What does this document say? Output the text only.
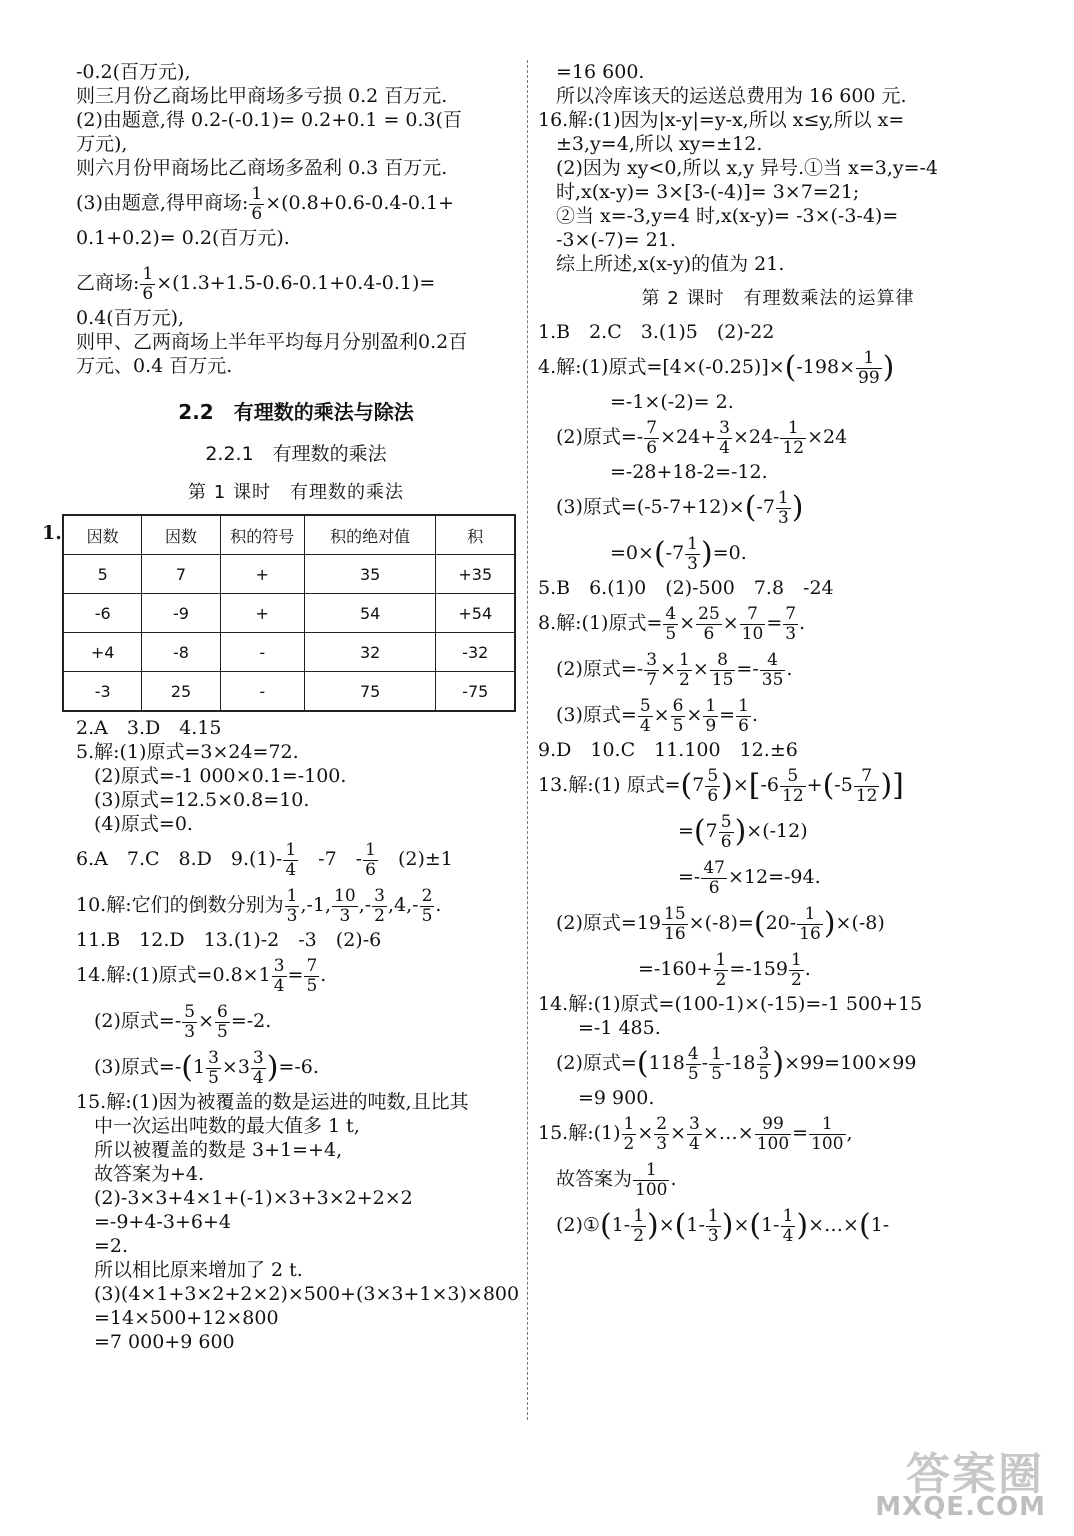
-0.2(百万元),
则三月份乙商场比甲商场多亏损 0.2 百万元.
(2)由题意,得 0.2-(-0.1)= 0.2+0.1 = 0.3(百
万元),
则六月份甲商场比乙商场多盈利 0.3 百万元.
(3)由题意,得甲商场: $\frac{1}{6} \times(0.8+0.6-0.4-0.1+$
0.1+0.2)= 0.2(百万元).
乙商场: $\frac{1}{6} \times(1.3+1.5-0.6-0.1+0.4-0.1)=$
0.4(百万元),
则甲、乙两商场上半年平均每月分别盈利0.2百
万元、0.4 百万元.
2.2　有理数的乘法与除法
2.2.1　有理数的乘法
第 1 课时　有理数的乘法
1. 因数	因数	积的符号	积的绝对值	积
5	7	+	35	+35
-6	-9	+	54	+54
+4	-8	-	32	-32
-3	25	-	75	-75
2.A　3.D　4.15
5.解:(1)原式=3×24=72.
(2)原式=-1 000×0.1=-100.
(3)原式=12.5×0.8=10.
(4)原式=0.
6.A　7.C　8.D　$9.(1)- \frac{1}{4}$ 　-7　- $\frac{1}{6}$ 　(2)±1
10.解:它们的倒数分别为 $\frac{1}{3} ,-1$, $\frac{10}{3}$ ,- $\frac{3}{2} ,4,- \frac{2}{5}$ .
11.B　12.D　13.(1)-2　-3　(2)-6
14.解:(1)原式$=0.8\times 1 \frac{3}{4} = \frac{7}{5}$ .
(2)原式=- $\frac{5}{3} \times \frac{6}{5} =-2$.
(3)原式$=-(1 \frac{3}{5} \times 3 \frac{3}{4} )=-6$.
15.解:(1)因为被覆盖的数是运进的吨数,且比其
中一次运出吨数的最大值多 1 t,
所以被覆盖的数是 3+1=+4,
故答案为+4.
(2)-3×3+4×1+(-1)×3+3×2+2×2
=-9+4-3+6+4
=2.
所以相比原来增加了 2 t.
(3)(4×1+3×2+2×2)×500+(3×3+1×3)×800
=14×500+12×800
=7 000+9 600
=16 600.
所以冷库该天的运送总费用为 16 600 元.
16.解:(1)因为|x-y|=y-x,所以 x≤y,所以 x=
±3,y=4,所以 xy=±12.
(2)因为 xy<0,所以 x,y 异号.①当 x=3,y=-4
时,x(x-y)= 3×[3-(-4)]= 3×7=21;
②当 x=-3,y=4 时,x(x-y)= -3×(-3-4)=
-3×(-7)= 21.
综上所述,x(x-y)的值为 21.
第 2 课时　有理数乘法的运算律
1.B　2.C　3.(1)5　(2)-22
4.解:(1)原式$=[4\times(-0.25)]\times(-198\times \frac{1}{99}$ )
=-1×(-2)= 2.
(2)原式=- $\frac{7}{6} \times 24+ \frac{3}{4} \times 24- \frac{1}{12} \times 24$
=-28+18-2=-12.
(3)原式$=(-5-7+12)\times(-7 \frac{1}{3}$ )
$=0\times(-7 \frac{1}{3} )=0$.
5.B　6.(1)0　(2)-500　7.8　-24
8.解:(1)原式= $\frac{4}{5} \times \frac{25}{6} \times \frac{7}{10} = \frac{7}{3}$ .
(2)原式=- $\frac{3}{7} \times \frac{1}{2} \times \frac{8}{15} =- \frac{4}{35}$ .
(3)原式= $\frac{5}{4} \times \frac{6}{5} \times \frac{1}{9} = \frac{1}{6}$ .
9.D　10.C　11.100　12.±6
13.解:(1) 原式$=(7 \frac{5}{6} )\times[-6 \frac{5}{12} +(-5 \frac{7}{12}$ )]
$=(7 \frac{5}{6} )\times(-12)$
=- $\frac{47}{6} \times 12=-94$.
(2)原式$=19 \frac{15}{16} \times(-8)=(20- \frac{1}{16} )\times(-8)$
$=-160+ \frac{1}{2} =-159 \frac{1}{2}$ .
14.解:(1)原式=(100-1)×(-15)=-1 500+15
=-1 485.
(2)原式$=(118 \frac{4}{5} - \frac{1}{5} -18 \frac{3}{5} )\times 99=100\times 99$
=9 900.
15.解:(1) $\frac{1}{2} \times \frac{2}{3} \times \frac{3}{4}$ ×…× $\frac{99}{100} = \frac{1}{100}$ ,
故答案为 $\frac{1}{100}$ .
(2)①(1- $\frac{1}{2} )\times(1- \frac{1}{3} )\times(1- \frac{1}{4}$ )×…×(1-
答案圈
MXQE.COM
